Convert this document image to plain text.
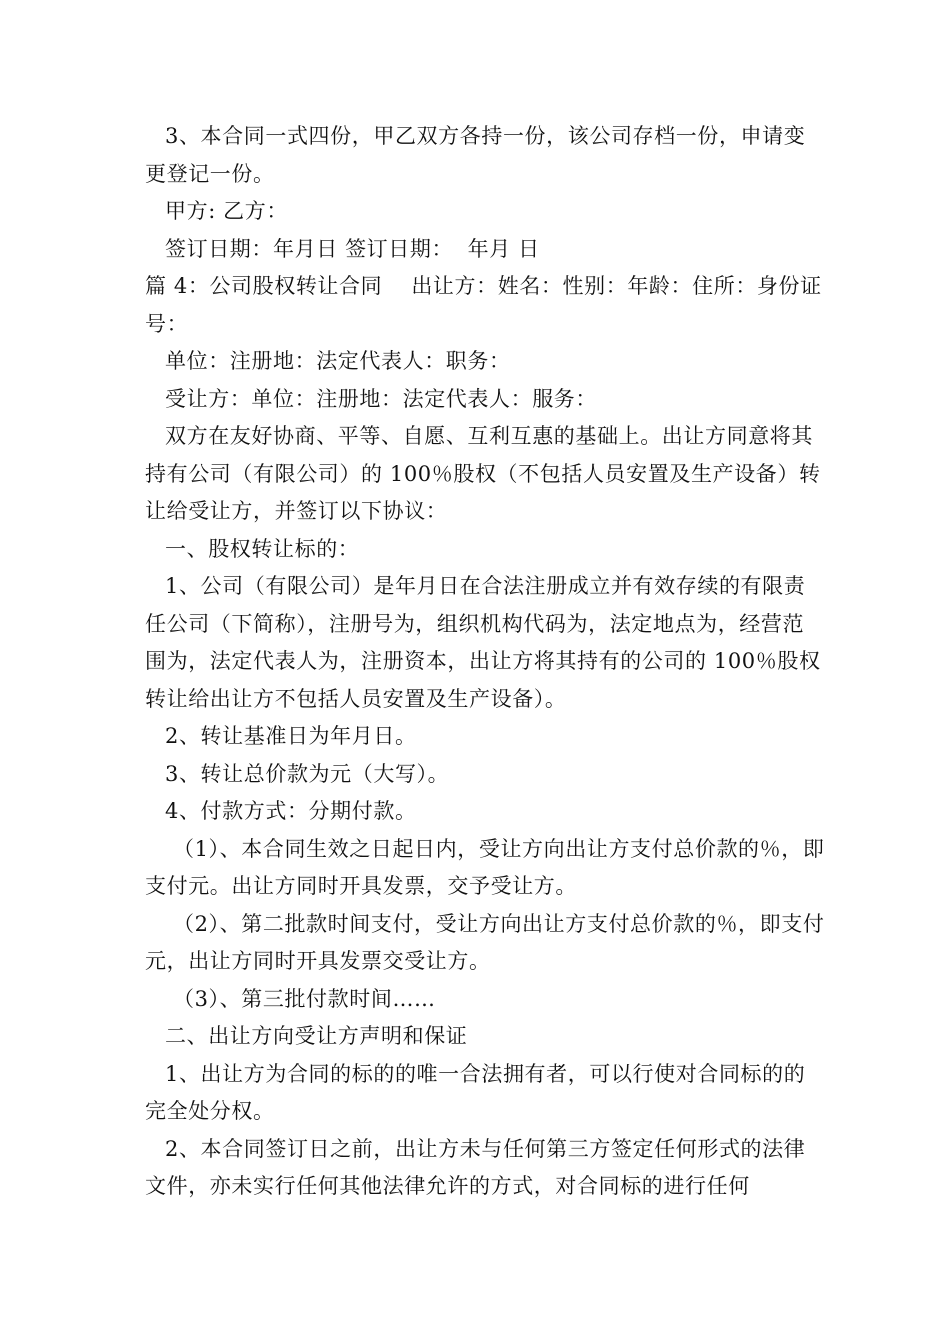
3、本合同一式四份，甲乙双方各持一份，该公司存档一份，申请变更登记一份。

甲方: 乙方：

签订日期：年月日 签订日期：  年月 日

篇 4：公司股权转让合同    出让方：姓名：性别：年龄：住所：身份证号：

单位：注册地：法定代表人：职务：

受让方：单位：注册地：法定代表人：服务：

双方在友好协商、平等、自愿、互利互惠的基础上。出让方同意将其持有公司（有限公司）的 100％股权（不包括人员安置及生产设备）转让给受让方，并签订以下协议：

一、股权转让标的：

1、公司（有限公司）是年月日在合法注册成立并有效存续的有限责任公司（下简称），注册号为，组织机构代码为，法定地点为，经营范围为，法定代表人为，注册资本，出让方将其持有的公司的 100％股权转让给出让方不包括人员安置及生产设备）。

2、转让基准日为年月日。

3、转让总价款为元（大写）。

4、付款方式：分期付款。

（1）、本合同生效之日起日内，受让方向出让方支付总价款的％，即支付元。出让方同时开具发票，交予受让方。

（2）、第二批款时间支付，受让方向出让方支付总价款的％，即支付元，出让方同时开具发票交受让方。

（3）、第三批付款时间……

二、出让方向受让方声明和保证

1、出让方为合同的标的的唯一合法拥有者，可以行使对合同标的的完全处分权。

2、本合同签订日之前，出让方未与任何第三方签定任何形式的法律文件，亦未实行任何其他法律允许的方式，对合同标的进行任何
